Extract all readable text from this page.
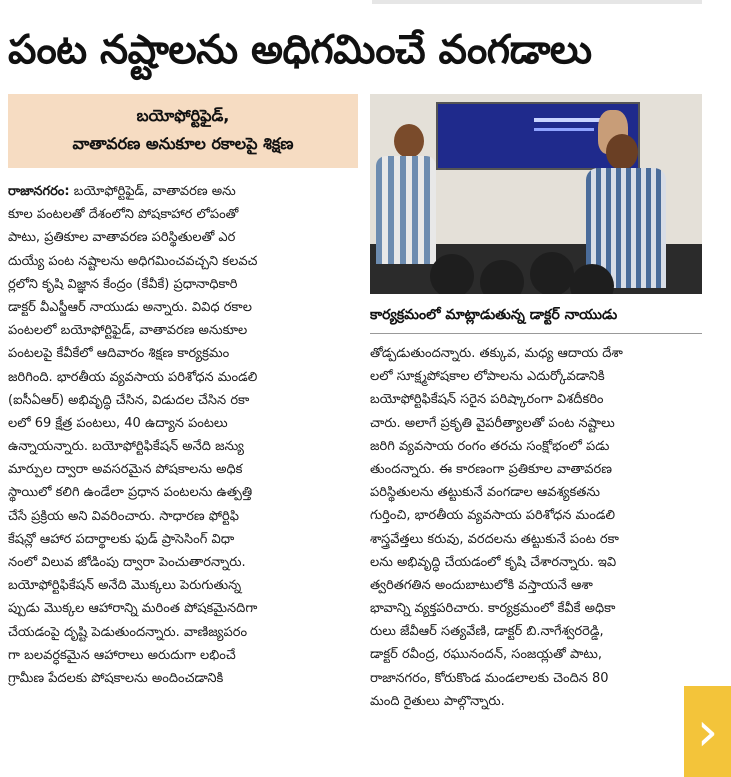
పంట నష్టాలను అధిగమించే వంగడాలు
బయోఫోర్టిఫైడ్,
వాతావరణ అనుకూల రకాలపై శిక్షణ
రాజానగరం: బయోఫోర్టిఫైడ్, వాతావరణ అను
కూల పంటలతో దేశంలోని పోషకాహార లోపంతో
పాటు, ప్రతికూల వాతావరణ పరిస్థితులతో ఎర
దుయ్యే పంట నష్టాలను అధిగమించవచ్చని కలవచ
ర్లలోని కృషి విజ్ఞాన కేంద్రం (కేవీకే) ప్రధానాధికారి
డాక్టర్ వీఎస్జీఆర్ నాయుడు అన్నారు. వివిధ రకాల
పంటలలో బయోఫోర్టిఫైడ్, వాతావరణ అనుకూల
పంటలపై కేవీకేలో ఆదివారం శిక్షణ కార్యక్రమం
జరిగింది. భారతీయ వ్యవసాయ పరిశోధన మండలి
(ఐసీఏఆర్) అభివృద్ధి చేసిన, విడుదల చేసిన రకా
లలో 69 క్షేత్ర పంటలు, 40 ఉద్యాన పంటలు
ఉన్నాయన్నారు. బయోఫోర్టిఫికేషన్ అనేది జన్యు
మార్పుల ద్వారా అవసరమైన పోషకాలను అధిక
స్థాయిలో కలిగి ఉండేలా ప్రధాన పంటలను ఉత్పత్తి
చేసే ప్రక్రియ అని వివరించారు. సాధారణ ఫోర్టిఫి
కేషన్లో ఆహార పదార్థాలకు ఫుడ్ ప్రాసెసింగ్ విధా
నంలో విలువ జోడింపు ద్వారా పెంచుతారన్నారు.
బయోఫోర్టిఫికేషన్ అనేది మొక్కలు పెరుగుతున్న
ప్పుడు మొక్కల ఆహారాన్ని మరింత పోషకమైనదిగా
చేయడంపై దృష్టి పెడుతుందన్నారు. వాణిజ్యపరం
గా బలవర్ధకమైన ఆహారాలు అరుదుగా లభించే
గ్రామీణ పేదలకు పోషకాలను అందించడానికి
కార్యక్రమంలో మాట్లాడుతున్న డాక్టర్ నాయుడు
తోడ్పడుతుందన్నారు. తక్కువ, మధ్య ఆదాయ దేశా
లలో సూక్ష్మపోషకాల లోపాలను ఎదుర్కోవడానికి
బయోఫోర్టిఫికేషన్ సరైన పరిష్కారంగా విశదీకరిం
చారు. అలాగే ప్రకృతి వైపరీత్యాలతో పంట నష్టాలు
జరిగి వ్యవసాయ రంగం తరచు సంక్షోభంలో పడు
తుందన్నారు. ఈ కారణంగా ప్రతికూల వాతావరణ
పరిస్థితులను తట్టుకునే వంగడాల ఆవశ్యకతను
గుర్తించి, భారతీయ వ్యవసాయ పరిశోధన మండలి
శాస్త్రవేత్తలు కరువు, వరదలను తట్టుకునే పంట రకా
లను అభివృద్ధి చేయడంలో కృషి చేశారన్నారు. ఇవి
త్వరితగతిన అందుబాటులోకి వస్తాయనే ఆశా
భావాన్ని వ్యక్తపరిచారు. కార్యక్రమంలో కేవీకే అధికా
రులు జేవీఆర్ సత్యవేణి, డాక్టర్ బి.నాగేశ్వరరెడ్డి,
డాక్టర్ రవీంద్ర, రఘునందన్, సంజయ్లతో పాటు,
రాజానగరం, కోరుకొండ మండలాలకు చెందిన 80
మంది రైతులు పాల్గొన్నారు.	›
